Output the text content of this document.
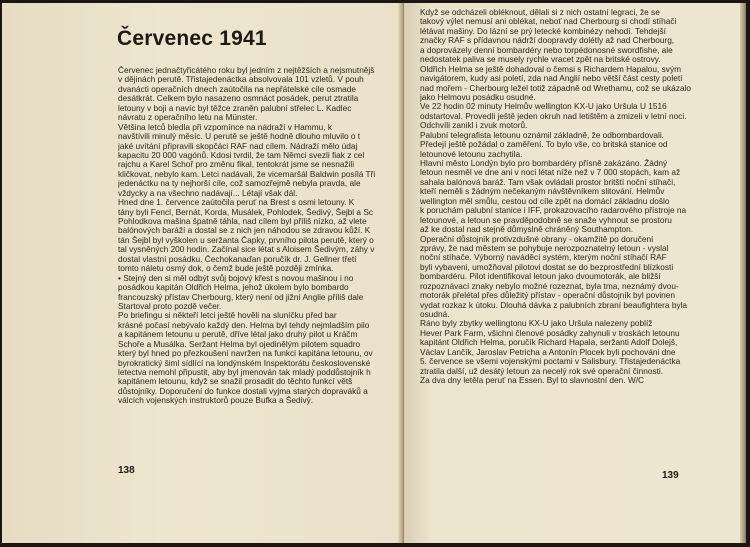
Červenec 1941
Červenec jednačtyřicátého roku byl jedním z nejtěžších a nejsmutnějš
v dějinách perutě. Třistajedenáctka absolvovala 101 vzletů. V pouh
dvanácti operačních dnech zaútočila na nepřátelské cíle osmade
desátkrát. Celkem bylo nasazeno osmnáct posádek, perut ztratila
letouny v boji a navíc byl těžce zraněn palubní střelec L. Kadlec
návratu z operačního letu na Münster.
Většina letců bledla při vzpomínce na nádraží v Hammu, k
navštívili minulý měsíc. U perutě se ještě hodně dlouho mluvilo o t
jaké uvítání připravili skopčáci RAF nad cílem. Nádraží mělo údaj
kapacitu 20 000 vagónů. Kdosi tvrdil, že tam Němci svezli fiak z cel
rajchu a Karel Schoř pro změnu fikal, tentokrát jsme se nesnažili
kličkovat, nebylo kam. Letci nadávali, že vicemaršál Baldwin posílá Tři
jedenáctku na ty nejhorší cíle, což samozřejmě nebyla pravda, ale
vždycky a na všechno nadávají... Létají však dál.
Hned dne 1. července zaútočila peruť na Brest s osmi letouny. K
tány byli Fencl, Bernát, Korda, Musálek, Pohlodek, Šedivý, Šejbl a Sc
Pohlodkova mašina špatně táhla, nad cílem byl příliš nízko, až vlete
balónových baráží a dostal se z nich jen náhodou se zdravou kůží. K
tán Šejbl byl vyškolen u seržanta Čapky, prvního pilota perutě, který o
tal vysněných 200 hodin. Začínal sice létat s Aloisem Šedivým, záhy v
dostal vlastní posádku. Čechokanaďan poručík dr. J. Gellner třetí
tomto náletu osmý dok, o čemž bude ještě později zmínka.
• Stejný den si měl odbýt svůj bojový křest s novou mašinou i no
posádkou kapitán Oldřich Helma, jehož úkolem bylo bombardo
francouzský přístav Cherbourg, který není od jižní Anglie příliš dale
Startoval proto pozdě večer.
Po briefingu si někteří letci ještě hověli na sluníčku před bar
krásné počasí nebývalo každý den. Helma byl tehdy nejmladším pilo
a kapitánem letounu u perutě, dříve létal jako druhý pilot u Kráčm
Schoře a Musálka. Seržant Helma byl ojedinělým pilotem squadro
který byl hned po přezkoušení navržen na funkci kapitána letounu, ov
byrokratický šiml sídlící na londýnském Inspektorátu československé
letectva nemohl připustit, aby byl jmenován tak mladý poddůstojník h
kapitánem letounu, když se snažil prosadit do těchto funkcí větš
důstojníky. Doporučení do funkce dostali vyjma starých dopraváků a
válcích vojenských instruktorů pouze Bufka a Šedivý.
138
Když se odcházeli obléknout, dělali si z nich ostatní legraci, že se
takový výlet nemusí ani oblékat, neboť nad Cherbourg si chodí stíhači
létávat mašiny. Do lázní se prý letecké kombinézy nehodí. Tehdejší
značky RAF s přídavnou nádrží doopravdy dolétly až nad Cherbourg,
a doprovázely denní bombardéry nebo torpédonosné swordfishe, ale
nedostatek paliva se musely rychle vracet zpět na britské ostrovy.
Oldřich Helma se ještě dohadoval o čemsi s Richardem Hapalou, svým
navigátorem, kudy asi poletí, zda nad Anglií nebo větší část cesty poletí
nad mořem - Cherbourg ležel totiž západně od Wrethamu, což se ukázalo
jako Helmovu posádku osudné.
Ve 22 hodin 02 minuty Helmův wellington KX-U jako Uršula U 1516
odstartoval. Provedli ještě jeden okruh nad letištěm a zmizeli v letní noci.
Odchvíli zanikl i zvuk motorů.
Palubní telegrafista letounu oznámil základně, že odbombardovali.
Předejí ještě požádal o zaměření. To bylo vše, co britská stanice od
letounové letounu zachytila.
Hlavní město Londýn bylo pro bombardéry přísně zakázáno. Žádný
letoun nesměl ve dne ani v noci létat níže než v 7 000 stopách, kam až
sahala balónová baráž. Tam však ovládali prostor britští noční stíhači,
kteří neměli s žádným nečekaným návštěvníkem slitování. Helmův
wellington měl smůlu, cestou od cíle zpět na domácí základnu došlo
k poruchám palubní stanice i IFF, prokazovacího radarového přístroje na
letounové, a letoun se pravděpodobně se snaže vyhnout se prostoru
až ke dostal nad stejně důmyslně chráněný Southampton.
Operační důstojník protivzdušné obrany - okamžitě po doručení
zprávy, že nad městem se pohybuje nerozpoznatelný letoun - vyslal
noční stíhače. Výborný naváděcí systém, kterým noční stíhačí RAF
byli vybaveni, umožňoval pilotovi dostat se do bezprostřední blízkosti
bombardéru. Pilot identifikoval letoun jako dvoumotorák, ale bližší
rozpoznávací znaky nebylo možné rozeznat, byla tma, neznámý dvou-
motorák přelétal přes důležitý přístav - operační důstojník byl povinen
vydat rozkaz k útoku. Dlouhá dávka z palubních zbraní beaufightera byla
osudná.
Ráno byly zbytky wellingtonu KX-U jako Uršula nalezeny poblíž
Hever Park Farm, všichni členové posádky zahynuli v troskách letounu
kapitánt Oldřich Helma, poručík Richard Hapala, seržanti Adolf Dolejš,
Václav Lančík, Jaroslav Petricha a Antonín Plocek byli pochováni dne
5. července se všemi vojenskými poctami v Salisbury. Třistajedenáctka
ztratila další, už desátý letoun za necelý rok své operační činnosti.
Za dva dny letěla peruť na Essen. Byl to slavnostní den. W/C
139
